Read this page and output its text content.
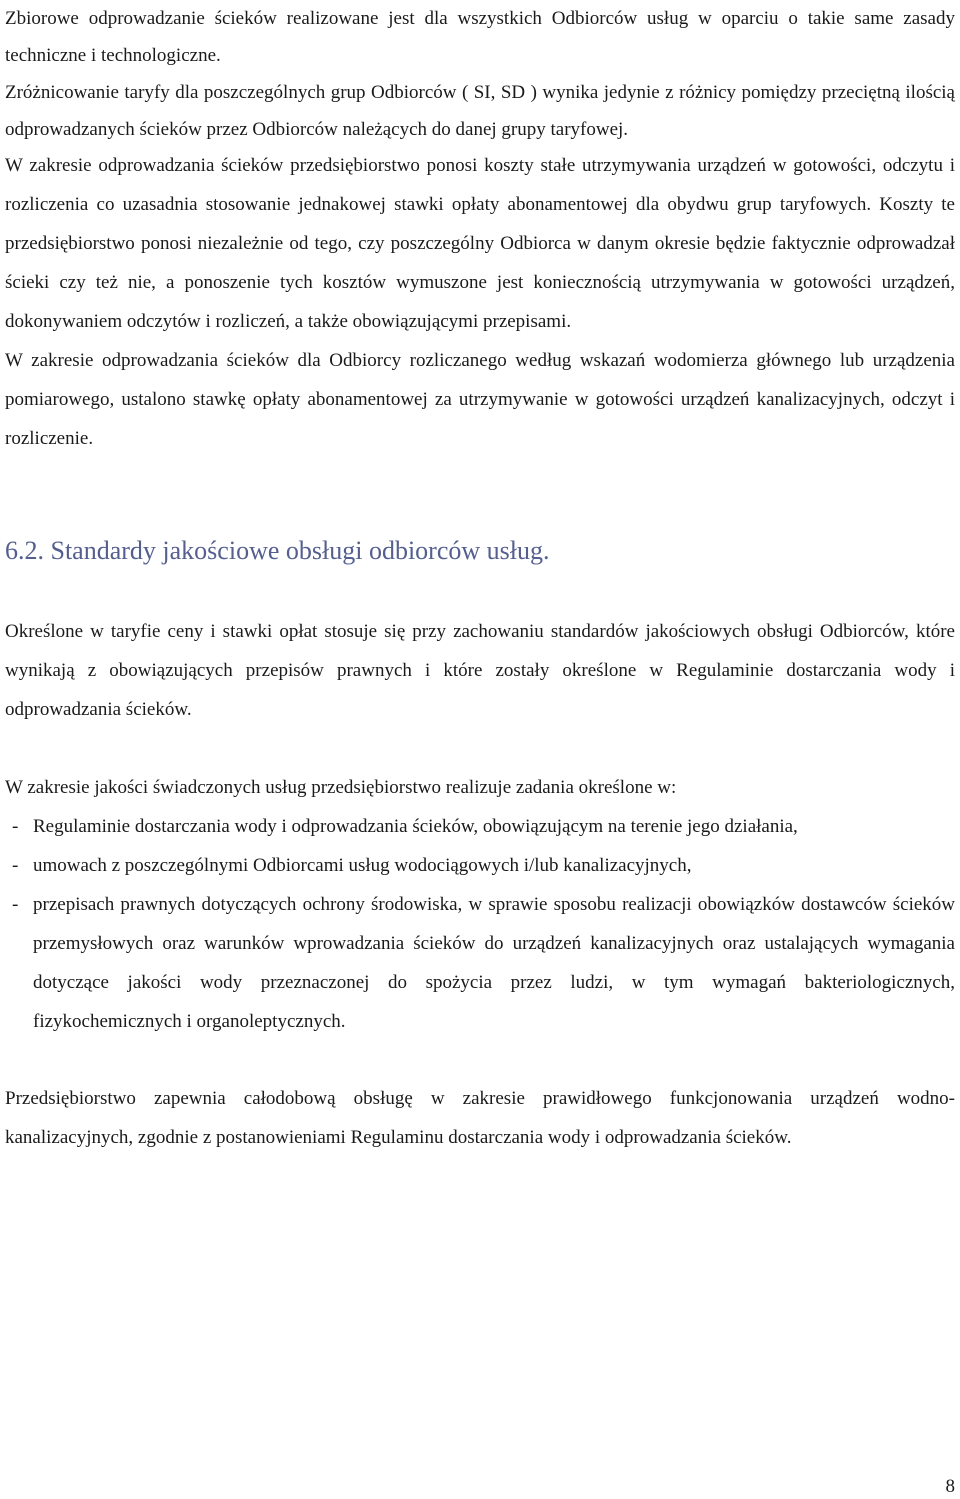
Zbiorowe odprowadzanie ścieków realizowane jest dla wszystkich Odbiorców usług w oparciu o takie same zasady techniczne i technologiczne.

Zróżnicowanie taryfy dla poszczególnych grup Odbiorców ( SI, SD ) wynika jedynie z różnicy pomiędzy przeciętną ilością odprowadzanych ścieków przez Odbiorców należących do danej grupy taryfowej.

W zakresie odprowadzania ścieków przedsiębiorstwo ponosi koszty stałe utrzymywania urządzeń w gotowości, odczytu i rozliczenia co uzasadnia stosowanie jednakowej stawki opłaty abonamentowej dla obydwu grup taryfowych. Koszty te przedsiębiorstwo ponosi niezależnie od tego, czy poszczególny Odbiorca w danym okresie będzie faktycznie odprowadzał ścieki czy też nie, a ponoszenie tych kosztów wymuszone jest koniecznością utrzymywania w gotowości urządzeń, dokonywaniem odczytów i rozliczeń, a także obowiązującymi przepisami.

W zakresie odprowadzania ścieków dla Odbiorcy rozliczanego według wskazań wodomierza głównego lub urządzenia pomiarowego, ustalono stawkę opłaty abonamentowej za utrzymywanie w gotowości urządzeń kanalizacyjnych, odczyt i rozliczenie.

6.2. Standardy jakościowe obsługi odbiorców usług.

Określone w taryfie ceny i stawki opłat stosuje się przy zachowaniu standardów jakościowych obsługi Odbiorców, które wynikają z obowiązujących przepisów prawnych i które zostały określone w Regulaminie dostarczania wody i odprowadzania ścieków.

W zakresie jakości świadczonych usług przedsiębiorstwo realizuje zadania określone w:

- Regulaminie dostarczania wody i odprowadzania ścieków, obowiązującym na terenie jego działania,

- umowach z poszczególnymi Odbiorcami usług wodociągowych i/lub kanalizacyjnych,

- przepisach prawnych dotyczących ochrony środowiska, w sprawie sposobu realizacji obowiązków dostawców ścieków przemysłowych oraz warunków wprowadzania ścieków do urządzeń kanalizacyjnych oraz ustalających wymagania dotyczące jakości wody przeznaczonej do spożycia przez ludzi, w tym wymagań bakteriologicznych, fizykochemicznych i organoleptycznych.

Przedsiębiorstwo zapewnia całodobową obsługę w zakresie prawidłowego funkcjonowania urządzeń wodno-kanalizacyjnych, zgodnie z postanowieniami Regulaminu dostarczania wody i odprowadzania ścieków.

8
